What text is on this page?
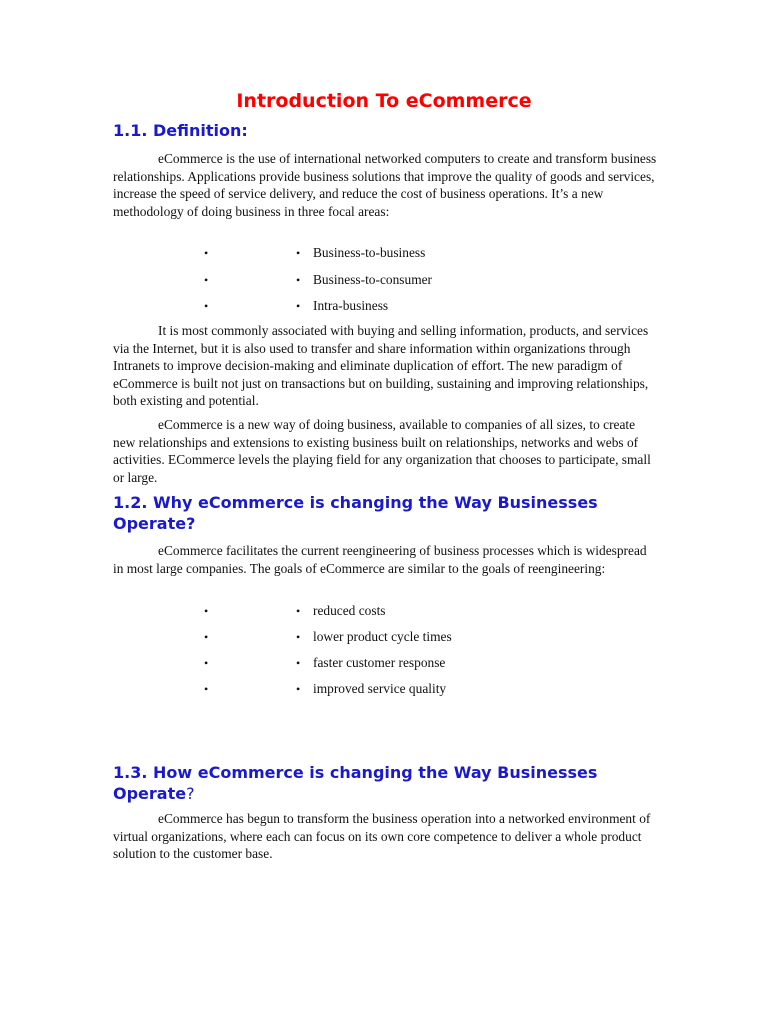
Introduction To eCommerce
1.1. Definition:

eCommerce is the use of international networked computers to create and transform business relationships. Applications provide business solutions that improve the quality of goods and services, increase the speed of service delivery, and reduce the cost of business operations. It’s a new methodology of doing business in three focal areas:

•	• Business-to-business
•	• Business-to-consumer
•	• Intra-business

It is most commonly associated with buying and selling information, products, and services via the Internet, but it is also used to transfer and share information within organizations through Intranets to improve decision-making and eliminate duplication of effort. The new paradigm of eCommerce is built not just on transactions but on building, sustaining and improving relationships, both existing and potential.

eCommerce is a new way of doing business, available to companies of all sizes, to create new relationships and extensions to existing business built on relationships, networks and webs of activities. ECommerce levels the playing field for any organization that chooses to participate, small or large.

1.2. Why eCommerce is changing the Way Businesses Operate?

eCommerce facilitates the current reengineering of business processes which is widespread in most large companies. The goals of eCommerce are similar to the goals of reengineering:

•	• reduced costs
•	• lower product cycle times
•	• faster customer response
•	• improved service quality
1.3. How eCommerce is changing the Way Businesses Operate?

eCommerce has begun to transform the business operation into a networked environment of virtual organizations, where each can focus on its own core competence to deliver a whole product solution to the customer base.
